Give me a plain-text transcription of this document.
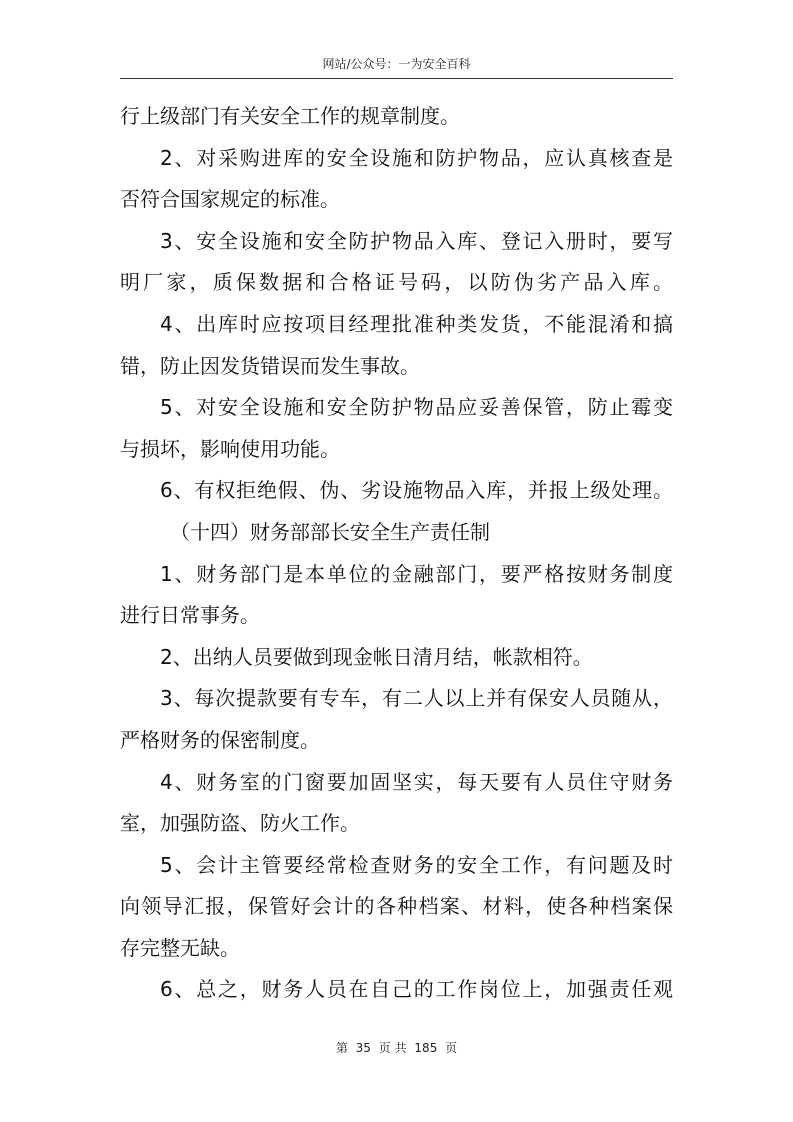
网站/公众号：一为安全百科
行上级部门有关安全工作的规章制度。
2、对采购进库的安全设施和防护物品，应认真核查是
否符合国家规定的标准。
3、安全设施和安全防护物品入库、登记入册时，要写
明厂家，质保数据和合格证号码，以防伪劣产品入库。
4、出库时应按项目经理批准种类发货，不能混淆和搞
错，防止因发货错误而发生事故。
5、对安全设施和安全防护物品应妥善保管，防止霉变
与损坏，影响使用功能。
6、有权拒绝假、伪、劣设施物品入库，并报上级处理。
（十四）财务部部长安全生产责任制
1、财务部门是本单位的金融部门，要严格按财务制度
进行日常事务。
2、出纳人员要做到现金帐日清月结，帐款相符。
3、每次提款要有专车，有二人以上并有保安人员随从，
严格财务的保密制度。
4、财务室的门窗要加固坚实，每天要有人员住守财务
室，加强防盗、防火工作。
5、会计主管要经常检查财务的安全工作，有问题及时
向领导汇报，保管好会计的各种档案、材料，使各种档案保
存完整无缺。
6、总之，财务人员在自己的工作岗位上，加强责任观
第 35 页 共 185 页
